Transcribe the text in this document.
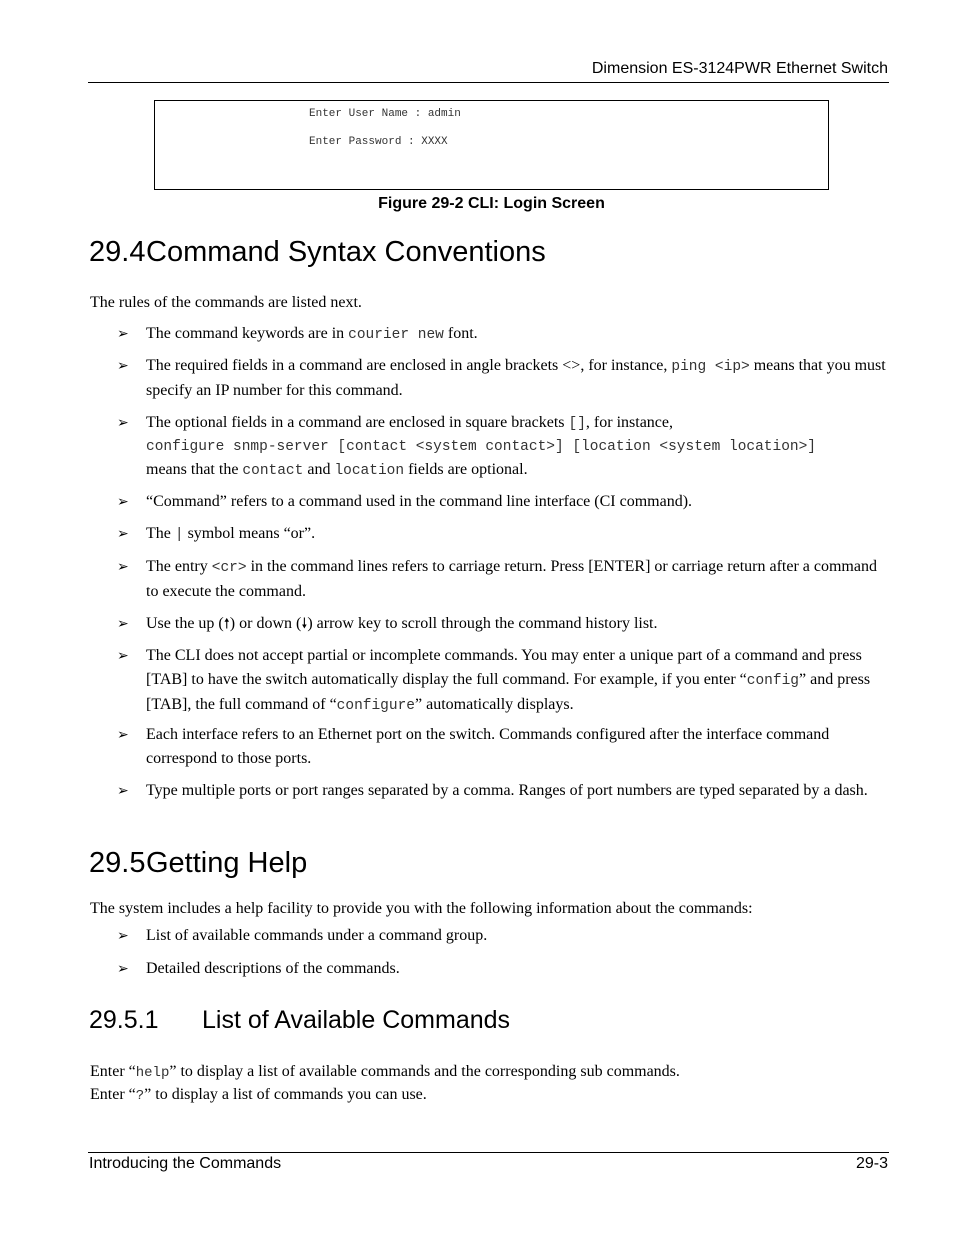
Dimension ES-3124PWR Ethernet Switch
Enter User Name : admin
Enter Password : XXXX
Figure 29-2 CLI: Login Screen
29.4Command Syntax Conventions
The rules of the commands are listed next.
➢ The command keywords are in courier new font.
➢ The required fields in a command are enclosed in angle brackets <>, for instance, ping <ip> means that you must specify an IP number for this command.
➢ The optional fields in a command are enclosed in square brackets [], for instance,
configure snmp-server [contact <system contact>] [location <system location>]
means that the contact and location fields are optional.
➢ “Command” refers to a command used in the command line interface (CI command).
➢ The | symbol means “or”.
➢ The entry <cr> in the command lines refers to carriage return. Press [ENTER] or carriage return after a command to execute the command.
➢ Use the up (🠕) or down (🠗) arrow key to scroll through the command history list.
➢ The CLI does not accept partial or incomplete commands. You may enter a unique part of a command and press [TAB] to have the switch automatically display the full command. For example, if you enter “config” and press [TAB], the full command of “configure” automatically displays.
➢ Each interface refers to an Ethernet port on the switch. Commands configured after the interface command correspond to those ports.
➢ Type multiple ports or port ranges separated by a comma. Ranges of port numbers are typed separated by a dash.
29.5Getting Help
The system includes a help facility to provide you with the following information about the commands:
➢ List of available commands under a command group.
➢ Detailed descriptions of the commands.
29.5.1 List of Available Commands
Enter “help” to display a list of available commands and the corresponding sub commands.
Enter “?” to display a list of commands you can use.
Introducing the Commands	29-3
